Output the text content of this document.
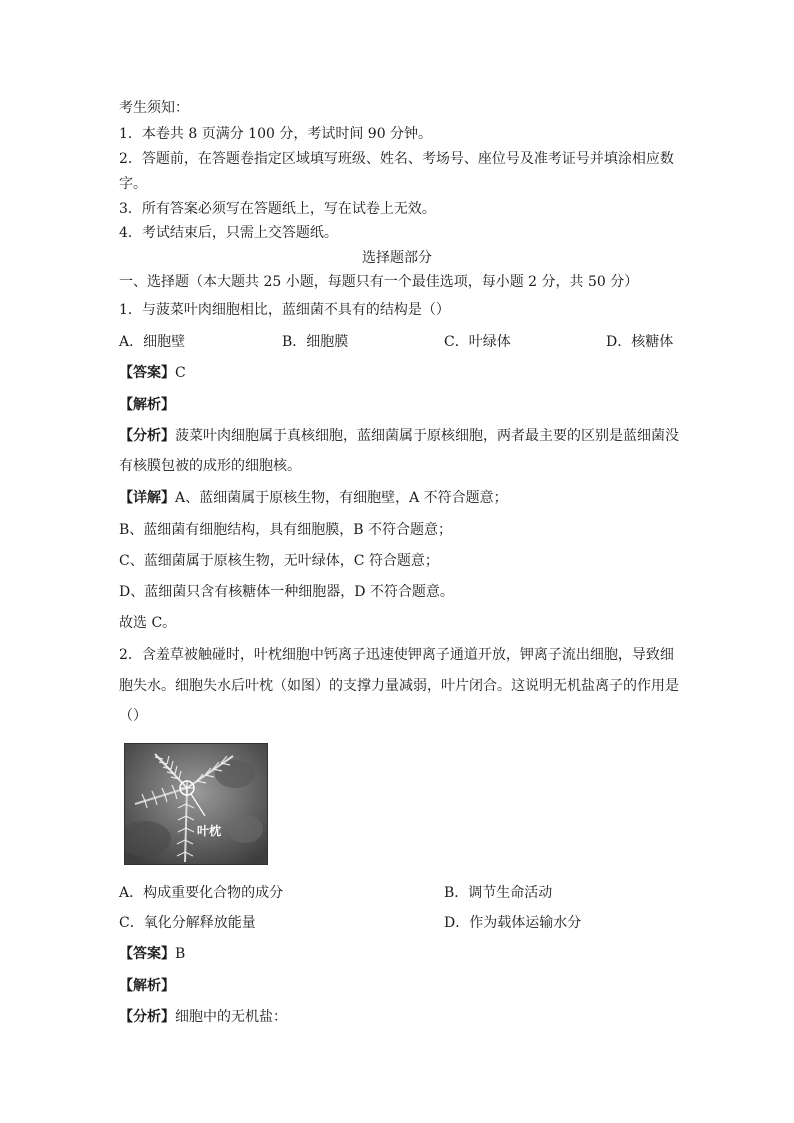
考生须知：
1．本卷共 8 页满分 100 分，考试时间 90 分钟。
2．答题前，在答题卷指定区域填写班级、姓名、考场号、座位号及准考证号并填涂相应数
字。
3．所有答案必须写在答题纸上，写在试卷上无效。
4．考试结束后，只需上交答题纸。
选择题部分
一、选择题（本大题共 25 小题，每题只有一个最佳选项，每小题 2 分，共 50 分）
1．与菠菜叶肉细胞相比，蓝细菌不具有的结构是（）
A．细胞壁	B．细胞膜	C．叶绿体	D．核糖体
【答案】C
【解析】
【分析】菠菜叶肉细胞属于真核细胞，蓝细菌属于原核细胞，两者最主要的区别是蓝细菌没
有核膜包被的成形的细胞核。
【详解】A、蓝细菌属于原核生物，有细胞壁，A 不符合题意；
B、蓝细菌有细胞结构，具有细胞膜，B 不符合题意；
C、蓝细菌属于原核生物，无叶绿体，C 符合题意；
D、蓝细菌只含有核糖体一种细胞器，D 不符合题意。
故选 C。
2．含羞草被触碰时，叶枕细胞中钙离子迅速使钾离子通道开放，钾离子流出细胞，导致细
胞失水。细胞失水后叶枕（如图）的支撑力量减弱，叶片闭合。这说明无机盐离子的作用是
（）
叶枕
A．构成重要化合物的成分	B．调节生命活动
C．氧化分解释放能量	D．作为载体运输水分
【答案】B
【解析】
【分析】细胞中的无机盐：
